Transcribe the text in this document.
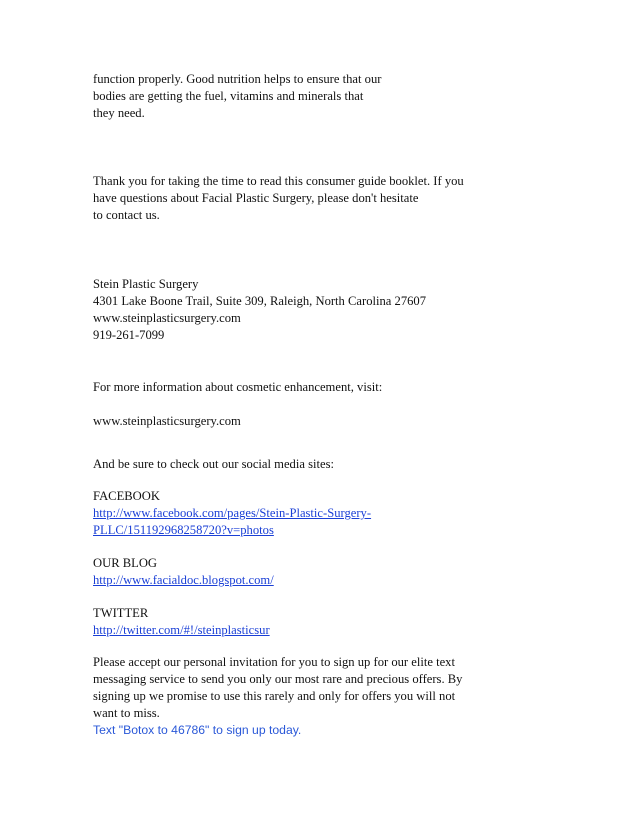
function properly. Good nutrition helps to ensure that our
bodies are getting the fuel, vitamins and minerals that
they need.

Thank you for taking the time to read this consumer guide booklet. If you
have questions about Facial Plastic Surgery, please don't hesitate
to contact us.

Stein Plastic Surgery
4301 Lake Boone Trail, Suite 309, Raleigh, North Carolina 27607
www.steinplasticsurgery.com
919-261-7099

For more information about cosmetic enhancement, visit:

www.steinplasticsurgery.com

And be sure to check out our social media sites:

FACEBOOK
http://www.facebook.com/pages/Stein-Plastic-Surgery-
PLLC/151192968258720?v=photos

OUR BLOG
http://www.facialdoc.blogspot.com/

TWITTER
http://twitter.com/#!/steinplasticsur

Please accept our personal invitation for you to sign up for our elite text
messaging service to send you only our most rare and precious offers. By
signing up we promise to use this rarely and only for offers you will not
want to miss.
Text "Botox to 46786" to sign up today.
